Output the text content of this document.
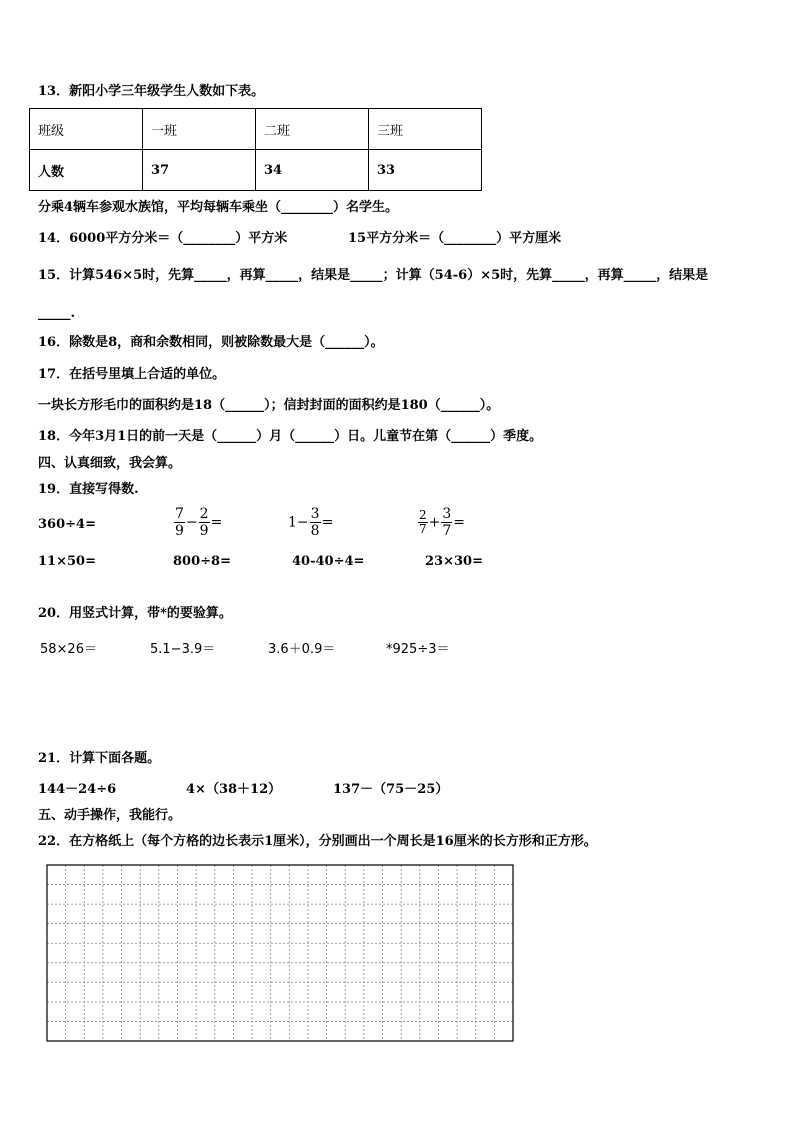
13．新阳小学三年级学生人数如下表。
班级	一班	二班	三班
人数	37	34	33
分乘4辆车参观水族馆，平均每辆车乘坐（________）名学生。
14．6000平方分米＝（________）平方米	15平方分米＝（________）平方厘米
15．计算546×5时，先算_____，再算_____，结果是_____；计算（54-6）×5时，先算_____，再算_____，结果是
_____.
16．除数是8，商和余数相同，则被除数最大是（______）。
17．在括号里填上合适的单位。
一块长方形毛巾的面积约是18（______）；信封封面的面积约是180（______）。
18．今年3月1日的前一天是（______）月（______）日。儿童节在第（______）季度。
四、认真细致，我会算。
19．直接写得数.
360÷4=	$\frac{7}{9} - \frac{2}{9}$ =	$1- \frac{3}{8}$ =	$\frac{2}{7} + \frac{3}{7}$ =
11×50=	800÷8=	40-40÷4=	23×30=
20．用竖式计算，带*的要验算。
58×26＝	5.1−3.9＝	3.6＋0.9＝	*925÷3＝
21．计算下面各题。
144－24÷6	4×（38＋12）	137－（75－25）
五、动手操作，我能行。
22．在方格纸上（每个方格的边长表示1厘米），分别画出一个周长是16厘米的长方形和正方形。
